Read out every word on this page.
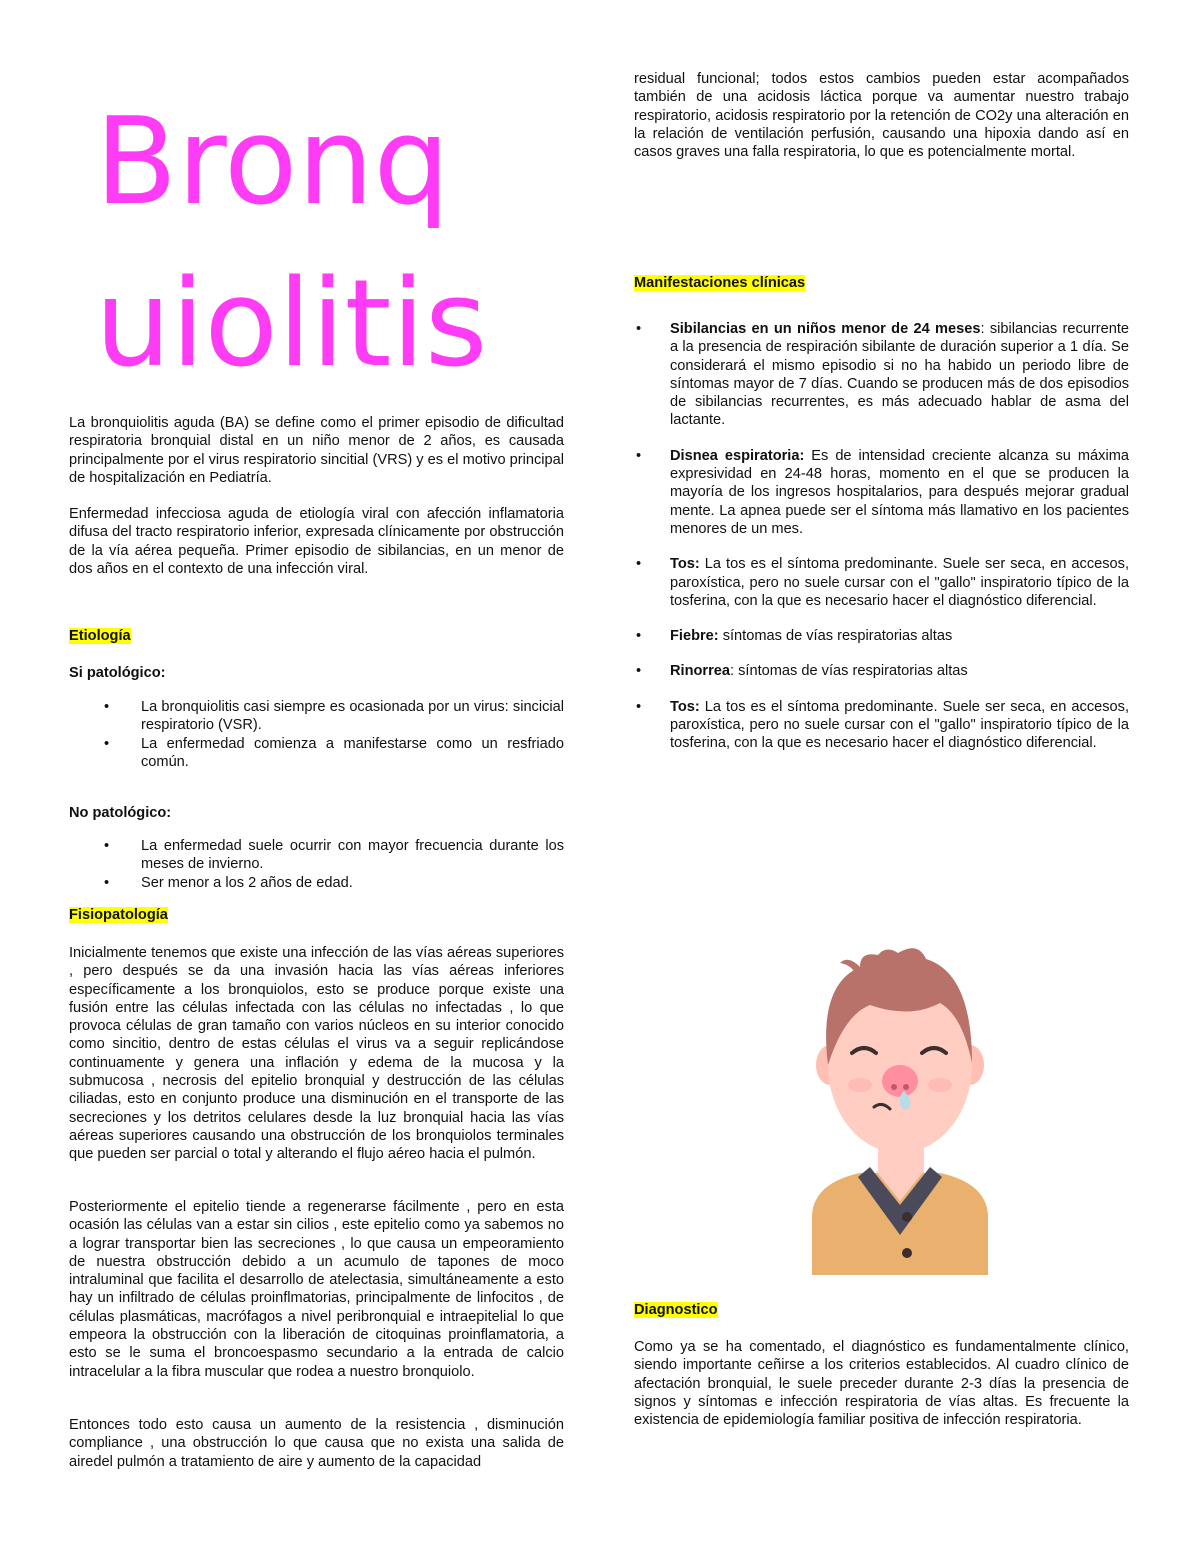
Bronq
uiolitis

La bronquiolitis aguda (BA) se define como el primer episodio de dificultad respiratoria bronquial distal en un niño menor de 2 años, es causada principalmente por el virus respiratorio sincitial (VRS) y es el motivo principal de hospitalización en Pediatría.

Enfermedad infecciosa aguda de etiología viral con afección inflamatoria difusa del tracto respiratorio inferior, expresada clínicamente por obstrucción de la vía aérea pequeña. Primer episodio de sibilancias, en un menor de dos años en el contexto de una infección viral.

Etiología
Si patológico:
• La bronquiolitis casi siempre es ocasionada por un virus: sincicial respiratorio (VSR).
• La enfermedad comienza a manifestarse como un resfriado común.
No patológico:
• La enfermedad suele ocurrir con mayor frecuencia durante los meses de invierno.
• Ser menor a los 2 años de edad.
Fisiopatología

Inicialmente tenemos que existe una infección de las vías aéreas superiores , pero después se da una invasión hacia las vías aéreas inferiores específicamente a los bronquiolos, esto se produce porque existe una fusión entre las células infectada con las células no infectadas , lo que provoca células de gran tamaño con varios núcleos en su interior conocido como sincitio, dentro de estas células el virus va a seguir replicándose continuamente y genera una inflación y edema de la mucosa y la submucosa , necrosis del epitelio bronquial y destrucción de las células ciliadas, esto en conjunto produce una disminución en el transporte de las secreciones y los detritos celulares desde la luz bronquial hacia las vías aéreas superiores causando una obstrucción de los bronquiolos terminales que pueden ser parcial o total y alterando el flujo aéreo hacia el pulmón.

Posteriormente el epitelio tiende a regenerarse fácilmente , pero en esta ocasión las células van a estar sin cilios , este epitelio como ya sabemos no a lograr transportar bien las secreciones , lo que causa un empeoramiento de nuestra obstrucción debido a un acumulo de tapones de moco intraluminal que facilita el desarrollo de atelectasia, simultáneamente a esto hay un infiltrado de células proinflmatorias, principalmente de linfocitos , de células plasmáticas, macrófagos a nivel peribronquial e intraepitelial lo que empeora la obstrucción con la liberación de citoquinas proinflamatoria, a esto se le suma el broncoespasmo secundario a la entrada de calcio intracelular a la fibra muscular que rodea a nuestro bronquiolo.

Entonces todo esto causa un aumento de la resistencia , disminución compliance , una obstrucción lo que causa que no exista una salida de airedel pulmón a tratamiento de aire y aumento de la capacidad

residual funcional; todos estos cambios pueden estar acompañados también de una acidosis láctica porque va aumentar nuestro trabajo respiratorio, acidosis respiratorio por la retención de CO2y una alteración en la relación de ventilación perfusión, causando una hipoxia dando así en casos graves una falla respiratoria, lo que es potencialmente mortal.

Manifestaciones clínicas
• Sibilancias en un niños menor de 24 meses: sibilancias recurrente a la presencia de respiración sibilante de duración superior a 1 día. Se considerará el mismo episodio si no ha habido un periodo libre de síntomas mayor de 7 días. Cuando se producen más de dos episodios de sibilancias recurrentes, es más adecuado hablar de asma del lactante.
• Disnea espiratoria: Es de intensidad creciente alcanza su máxima expresividad en 24-48 horas, momento en el que se producen la mayoría de los ingresos hospitalarios, para después mejorar gradual mente. La apnea puede ser el síntoma más llamativo en los pacientes menores de un mes.
• Tos: La tos es el síntoma predominante. Suele ser seca, en accesos, paroxística, pero no suele cursar con el "gallo" inspiratorio típico de la tosferina, con la que es necesario hacer el diagnóstico diferencial.
• Fiebre: síntomas de vías respiratorias altas
• Rinorrea: síntomas de vías respiratorias altas
• Tos: La tos es el síntoma predominante. Suele ser seca, en accesos, paroxística, pero no suele cursar con el "gallo" inspiratorio típico de la tosferina, con la que es necesario hacer el diagnóstico diferencial.
Diagnostico

Como ya se ha comentado, el diagnóstico es fundamentalmente clínico, siendo importante ceñirse a los criterios establecidos. Al cuadro clínico de afectación bronquial, le suele preceder durante 2-3 días la presencia de signos y síntomas e infección respiratoria de vías altas. Es frecuente la existencia de epidemiología familiar positiva de infección respiratoria.
